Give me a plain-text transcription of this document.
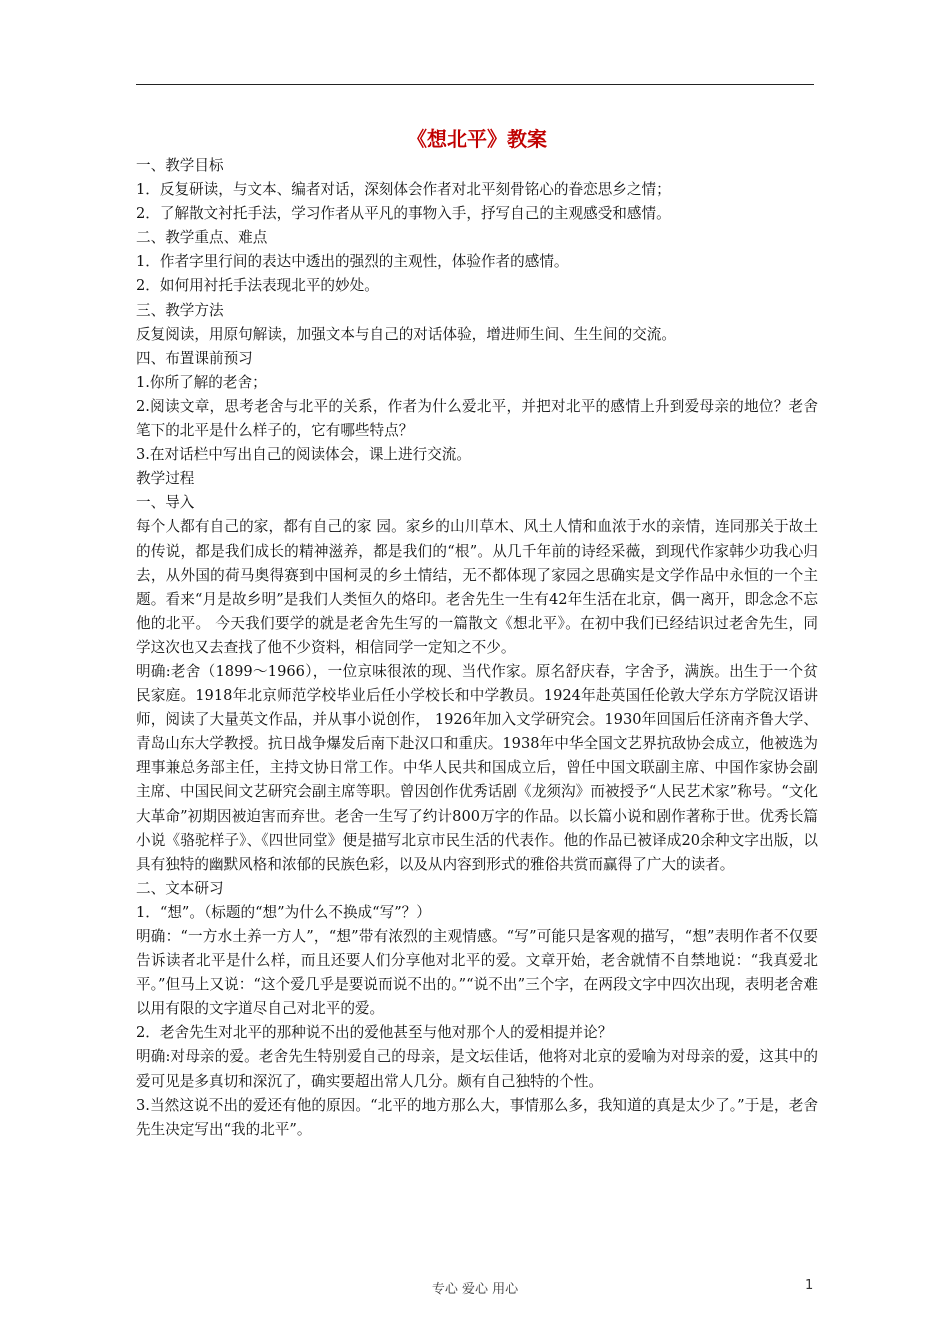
《想北平》教案

一、教学目标

1．反复研读，与文本、编者对话，深刻体会作者对北平刻骨铭心的眷恋思乡之情；

2．了解散文衬托手法，学习作者从平凡的事物入手，抒写自己的主观感受和感情。

二、教学重点、难点

1．作者字里行间的表达中透出的强烈的主观性，体验作者的感情。

2．如何用衬托手法表现北平的妙处。

三、教学方法

反复阅读，用原句解读，加强文本与自己的对话体验，增进师生间、生生间的交流。

四、布置课前预习

1.你所了解的老舍；

2.阅读文章，思考老舍与北平的关系，作者为什么爱北平，并把对北平的感情上升到爱母亲的地位？老舍笔下的北平是什么样子的，它有哪些特点？

3.在对话栏中写出自己的阅读体会，课上进行交流。

教学过程

一、导入

每个人都有自己的家，都有自己的家 园。家乡的山川草木、风土人情和血浓于水的亲情，连同那关于故土的传说，都是我们成长的精神滋养，都是我们的“根”。从几千年前的诗经采薇，到现代作家韩少功我心归去，从外国的荷马奥得赛到中国柯灵的乡土情结，无不都体现了家园之思确实是文学作品中永恒的一个主题。看来“月是故乡明”是我们人类恒久的烙印。老舍先生一生有42年生活在北京，偶一离开，即念念不忘他的北平。 今天我们要学的就是老舍先生写的一篇散文《想北平》。在初中我们已经结识过老舍先生，同学这次也又去查找了他不少资料，相信同学一定知之不少。

明确:老舍（1899～1966），一位京味很浓的现、当代作家。原名舒庆春，字舍予，满族。出生于一个贫民家庭。1918年北京师范学校毕业后任小学校长和中学教员。1924年赴英国任伦敦大学东方学院汉语讲师，阅读了大量英文作品，并从事小说创作， 1926年加入文学研究会。1930年回国后任济南齐鲁大学、青岛山东大学教授。抗日战争爆发后南下赴汉口和重庆。1938年中华全国文艺界抗敌协会成立，他被选为理事兼总务部主任，主持文协日常工作。中华人民共和国成立后，曾任中国文联副主席、中国作家协会副主席、中国民间文艺研究会副主席等职。曾因创作优秀话剧《龙须沟》而被授予“人民艺术家”称号。“文化大革命”初期因被迫害而弃世。老舍一生写了约计800万字的作品。以长篇小说和剧作著称于世。优秀长篇小说《骆驼样子》、《四世同堂》便是描写北京市民生活的代表作。他的作品已被译成20余种文字出版，以具有独特的幽默风格和浓郁的民族色彩，以及从内容到形式的雅俗共赏而赢得了广大的读者。

二、文本研习

1．“想”。（标题的“想”为什么不换成“写”？）

明确：“一方水土养一方人”，“想”带有浓烈的主观情感。“写”可能只是客观的描写，“想”表明作者不仅要告诉读者北平是什么样，而且还要人们分享他对北平的爱。文章开始，老舍就情不自禁地说：“我真爱北平。”但马上又说：“这个爱几乎是要说而说不出的。”“说不出”三个字，在两段文字中四次出现，表明老舍难以用有限的文字道尽自己对北平的爱。

2．老舍先生对北平的那种说不出的爱他甚至与他对那个人的爱相提并论？

明确:对母亲的爱。老舍先生特别爱自己的母亲，是文坛佳话，他将对北京的爱喻为对母亲的爱，这其中的爱可见是多真切和深沉了，确实要超出常人几分。颇有自己独特的个性。

3.当然这说不出的爱还有他的原因。“北平的地方那么大，事情那么多，我知道的真是太少了。”于是，老舍先生决定写出“我的北平”。

专心 爱心 用心	1
